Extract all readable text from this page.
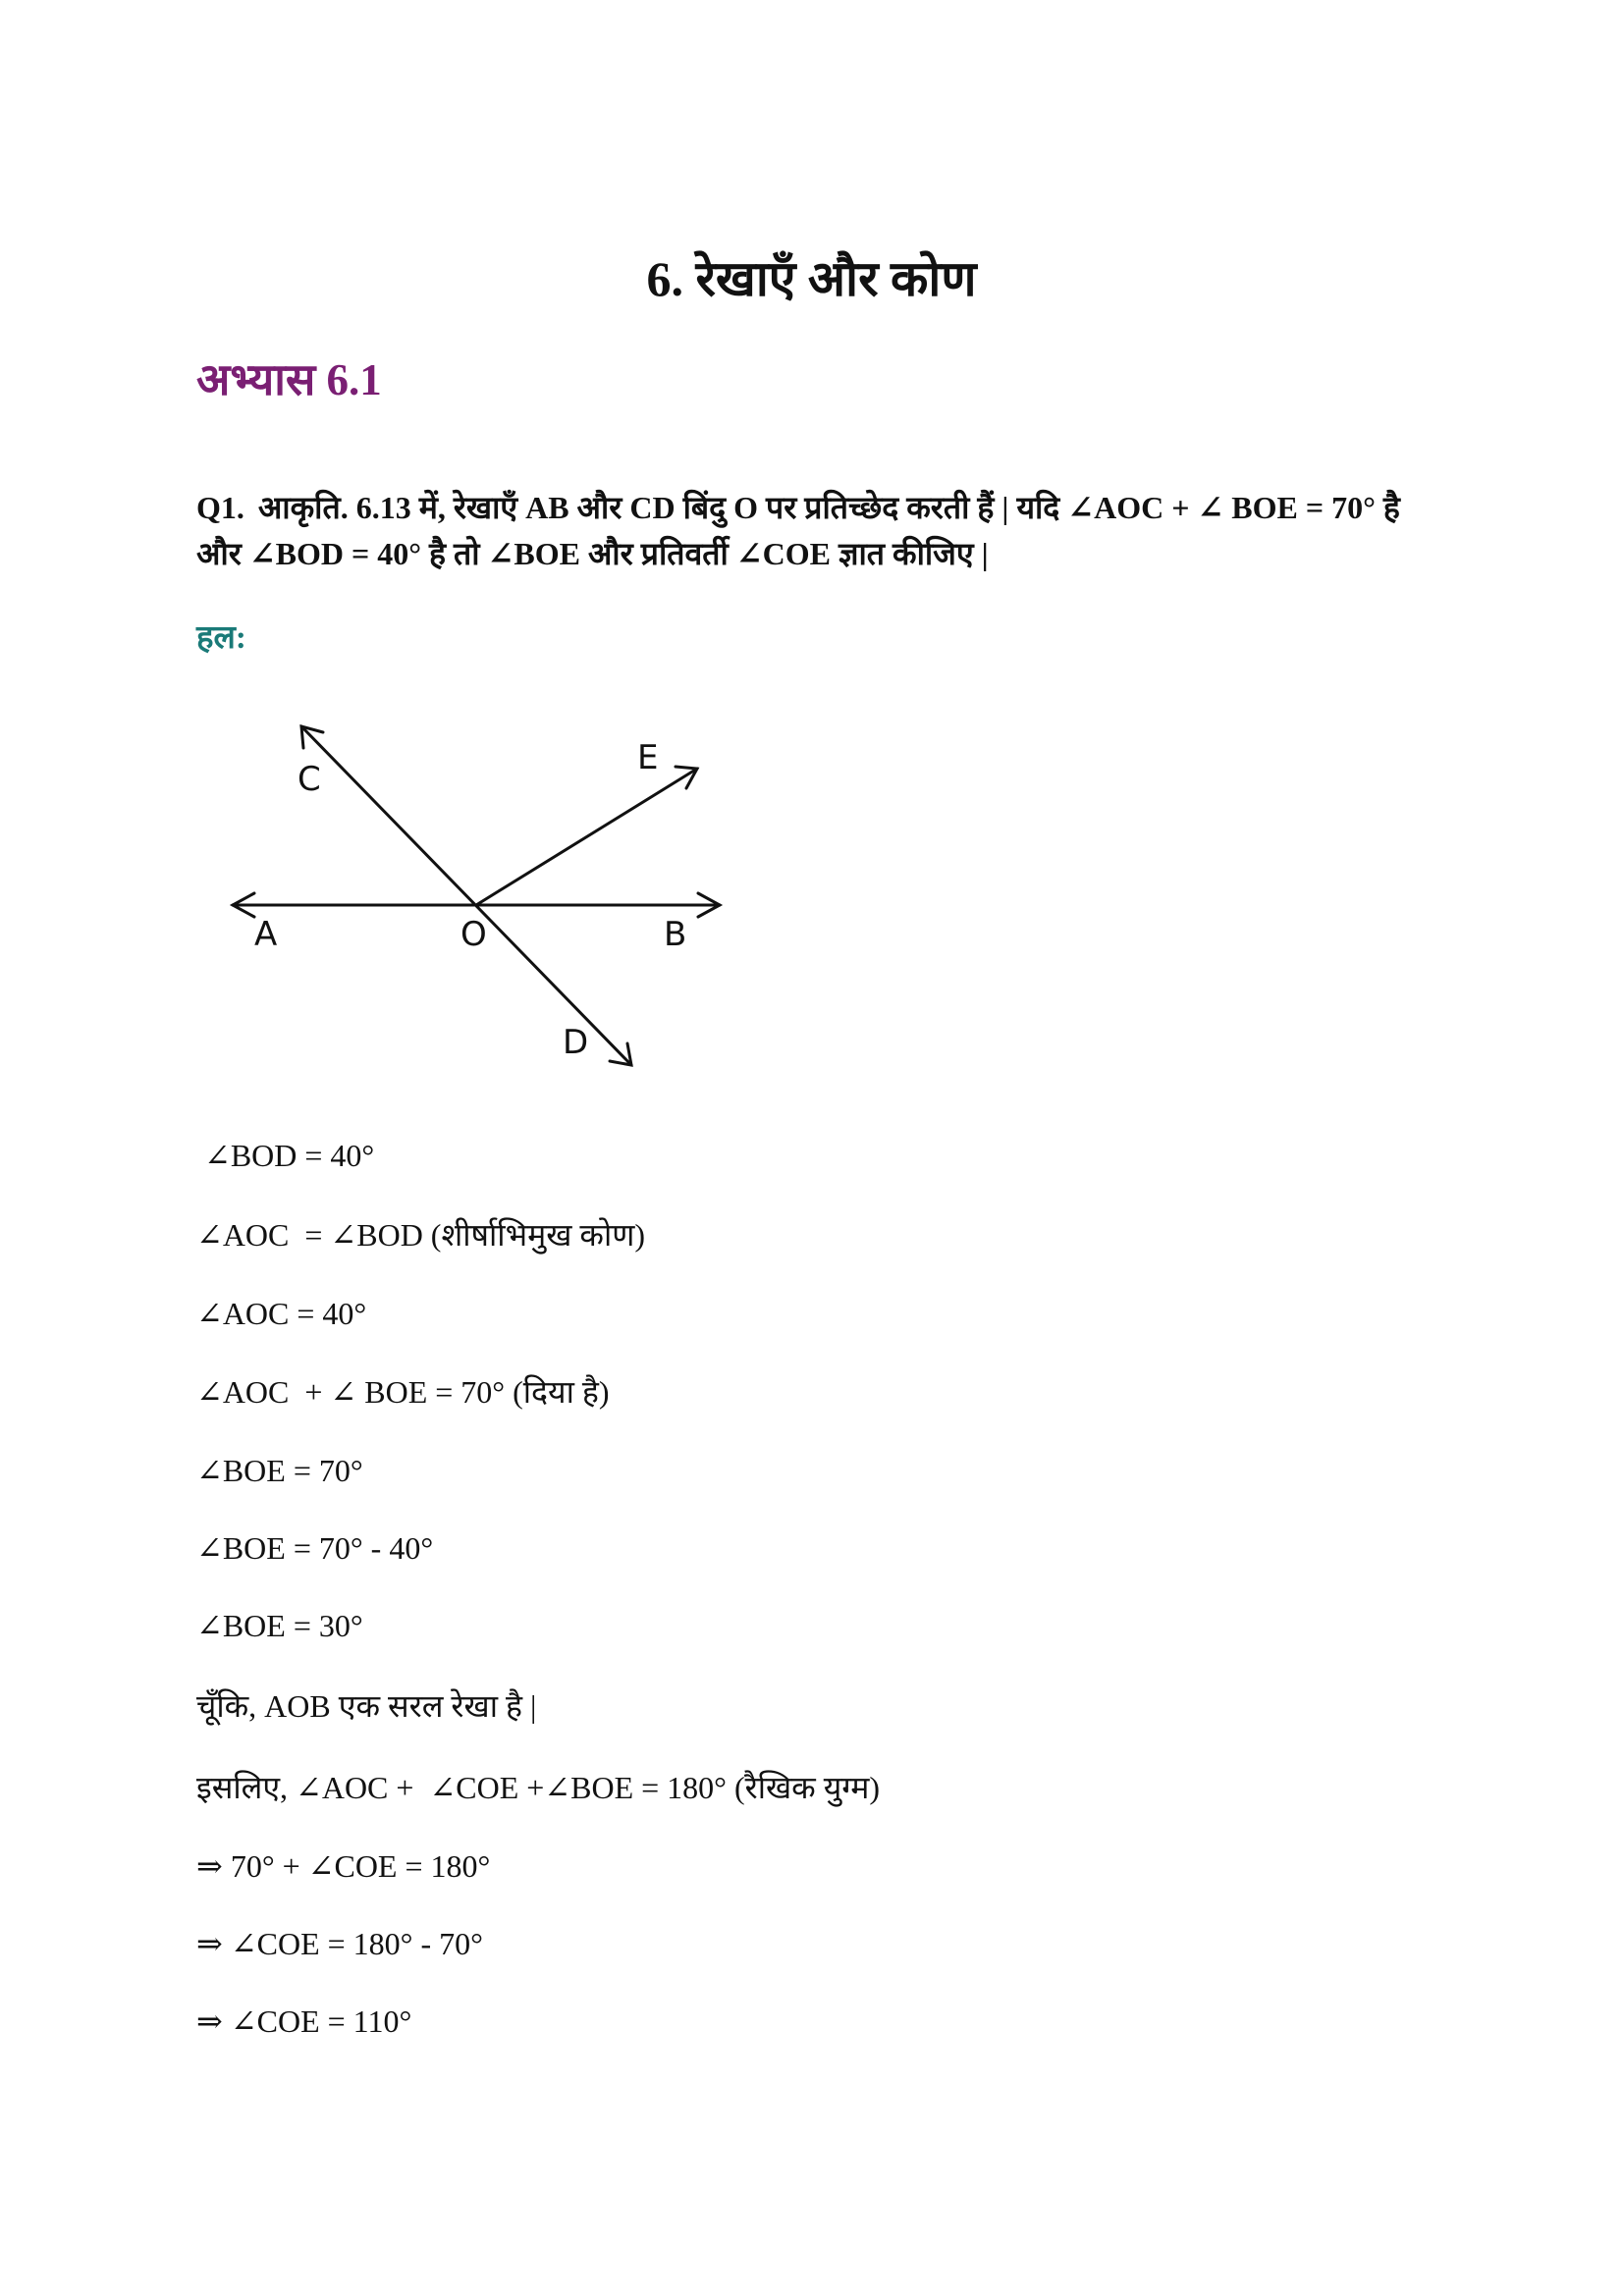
6. रेखाएँ और कोण
अभ्यास 6.1

Q1. आकृति. 6.13 में, रेखाएँ AB और CD बिंदु O पर प्रतिच्छेद करती हैं | यदि ∠AOC + ∠ BOE = 70° है और ∠BOD = 40° है तो ∠BOE और प्रतिवर्ती ∠COE ज्ञात कीजिए |

हल:
C
E
A	O	B
D

∠BOD = 40°

∠AOC  = ∠BOD (शीर्षाभिमुख कोण)

∠AOC = 40°

∠AOC  + ∠ BOE = 70° (दिया है)

∠BOE = 70°

∠BOE = 70° - 40°

∠BOE = 30°

चूँकि, AOB एक सरल रेखा है |

इसलिए, ∠AOC +  ∠COE +∠BOE = 180° (रैखिक युग्म)

⇒ 70° + ∠COE = 180°

⇒ ∠COE = 180° - 70°

⇒ ∠COE = 110°
